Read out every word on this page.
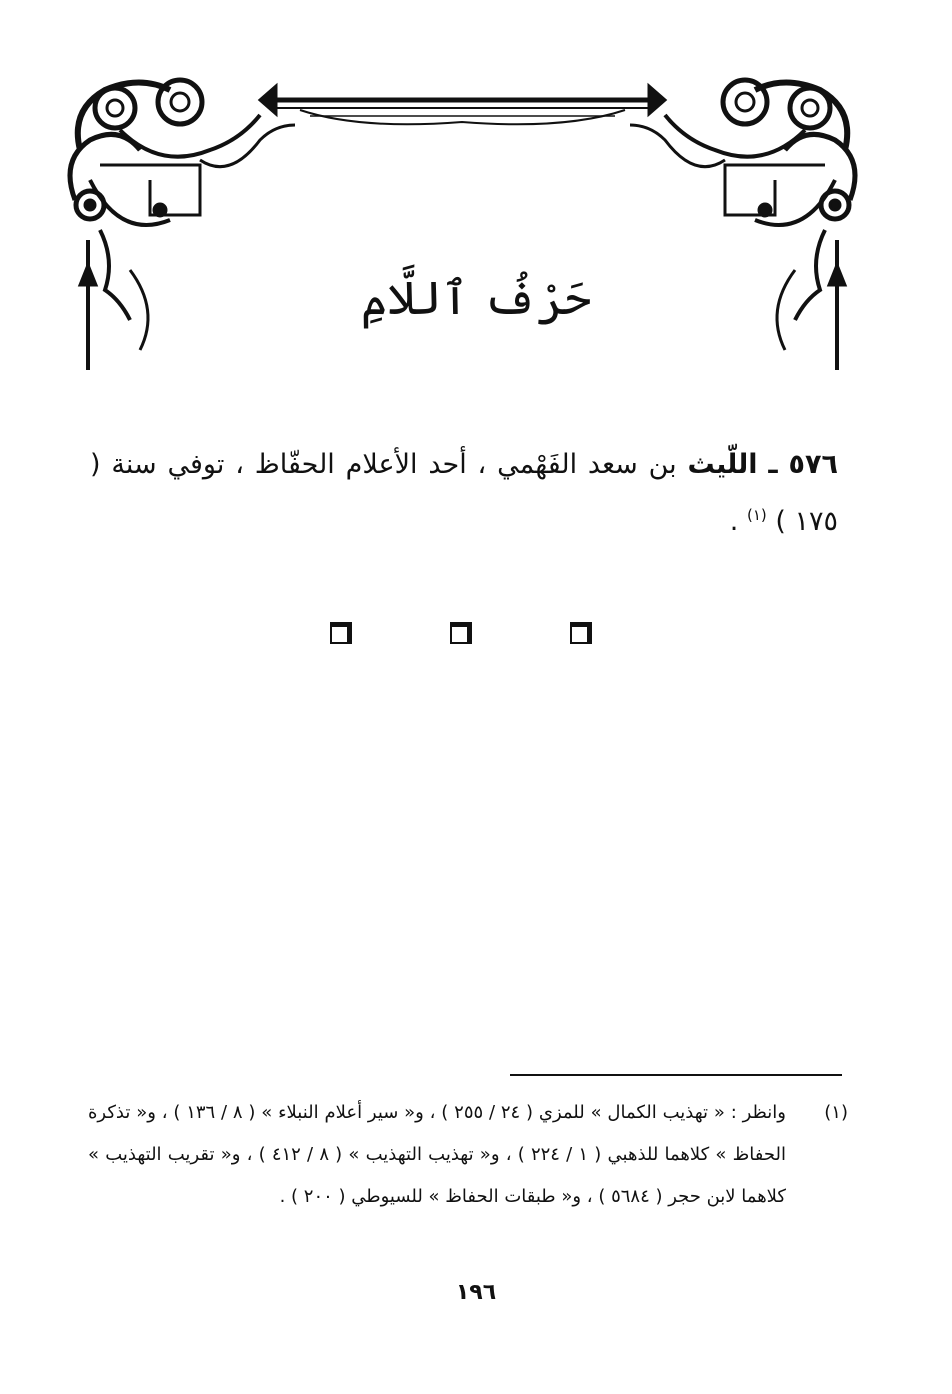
حَرْفُ ٱللَّامِ
٥٧٦ ـ اللّيث بن سعد الفَهْمي ، أحد الأعلام الحفّاظ ، توفي سنة ( ١٧٥ ) $^{(١)}$ .
(١)
وانظر : « تهذيب الكمال » للمزي ( ٢٤ / ٢٥٥ ) ، و« سير أعلام النبلاء » ( ٨ / ١٣٦ ) ، و« تذكرة الحفاظ » كلاهما للذهبي ( ١ / ٢٢٤ ) ، و« تهذيب التهذيب » ( ٨ / ٤١٢ ) ، و« تقريب التهذيب » كلاهما لابن حجر ( ٥٦٨٤ ) ، و« طبقات الحفاظ » للسيوطي ( ٢٠٠ ) .
١٩٦
